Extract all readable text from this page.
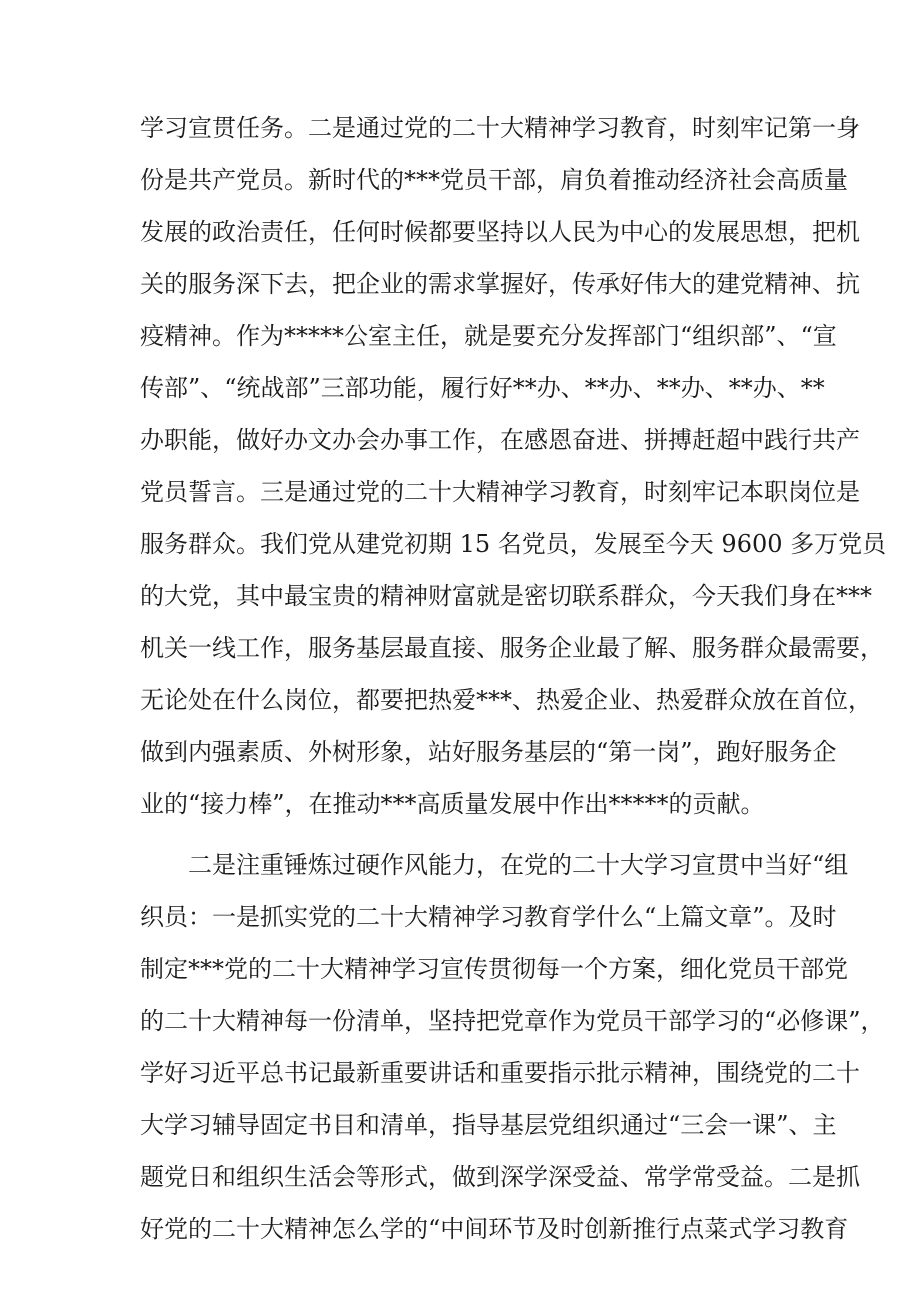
学习宣贯任务。二是通过党的二十大精神学习教育，时刻牢记第一身
份是共产党员。新时代的***党员干部，肩负着推动经济社会高质量
发展的政治责任，任何时候都要坚持以人民为中心的发展思想，把机
关的服务深下去，把企业的需求掌握好，传承好伟大的建党精神、抗
疫精神。作为*****公室主任，就是要充分发挥部门“组织部”、“宣
传部”、“统战部”三部功能，履行好**办、**办、**办、**办、**
办职能，做好办文办会办事工作，在感恩奋进、拼搏赶超中践行共产
党员誓言。三是通过党的二十大精神学习教育，时刻牢记本职岗位是
服务群众。我们党从建党初期 15 名党员，发展至今天 9600 多万党员
的大党，其中最宝贵的精神财富就是密切联系群众，今天我们身在***
机关一线工作，服务基层最直接、服务企业最了解、服务群众最需要，
无论处在什么岗位，都要把热爱***、热爱企业、热爱群众放在首位，
做到内强素质、外树形象，站好服务基层的“第一岗”，跑好服务企
业的“接力棒”，在推动***高质量发展中作出*****的贡献。
二是注重锤炼过硬作风能力，在党的二十大学习宣贯中当好“组
织员：一是抓实党的二十大精神学习教育学什么“上篇文章”。及时
制定***党的二十大精神学习宣传贯彻每一个方案，细化党员干部党
的二十大精神每一份清单，坚持把党章作为党员干部学习的“必修课”，
学好习近平总书记最新重要讲话和重要指示批示精神，围绕党的二十
大学习辅导固定书目和清单，指导基层党组织通过“三会一课”、主
题党日和组织生活会等形式，做到深学深受益、常学常受益。二是抓
好党的二十大精神怎么学的“中间环节及时创新推行点菜式学习教育
